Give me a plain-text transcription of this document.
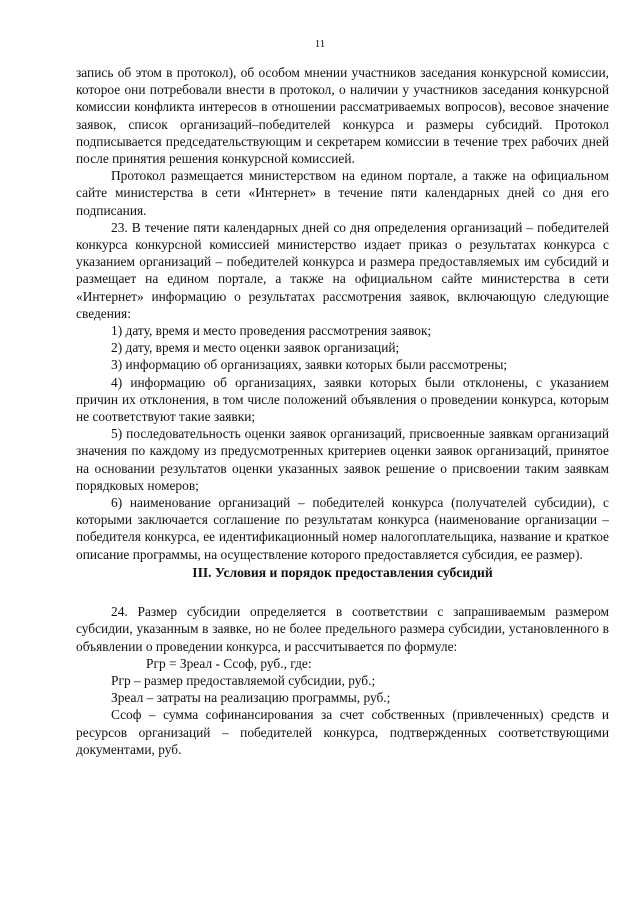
11

запись об этом в протокол), об особом мнении участников заседания конкурсной комиссии, которое они потребовали внести в протокол, о наличии у участников заседания конкурсной комиссии конфликта интересов в отношении рассматриваемых вопросов), весовое значение заявок, список организаций–победителей конкурса и размеры субсидий. Протокол подписывается председательствующим и секретарем комиссии в течение трех рабочих дней после принятия решения конкурсной комиссией.

Протокол размещается министерством на едином портале, а также на официальном сайте министерства в сети «Интернет» в течение пяти календарных дней со дня его подписания.

23. В течение пяти календарных дней со дня определения организаций – победителей конкурса конкурсной комиссией министерство издает приказ о результатах конкурса с указанием организаций – победителей конкурса и размера предоставляемых им субсидий и размещает на едином портале, а также на официальном сайте министерства в сети «Интернет» информацию о результатах рассмотрения заявок, включающую следующие сведения:

1) дату, время и место проведения рассмотрения заявок;

2) дату, время и место оценки заявок организаций;

3) информацию об организациях, заявки которых были рассмотрены;

4) информацию об организациях, заявки которых были отклонены, с указанием причин их отклонения, в том числе положений объявления о проведении конкурса, которым не соответствуют такие заявки;

5) последовательность оценки заявок организаций, присвоенные заявкам организаций значения по каждому из предусмотренных критериев оценки заявок организаций, принятое на основании результатов оценки указанных заявок решение о присвоении таким заявкам порядковых номеров;

6) наименование организаций – победителей конкурса (получателей субсидии), с которыми заключается соглашение по результатам конкурса (наименование организации – победителя конкурса, ее идентификационный номер налогоплательщика, название и краткое описание программы, на осуществление которого предоставляется субсидия, ее размер).

III. Условия и порядок предоставления субсидий

24. Размер субсидии определяется в соответствии с запрашиваемым размером субсидии, указанным в заявке, но не более предельного размера субсидии, установленного в объявлении о проведении конкурса, и рассчитывается по формуле:

Ргр = Зреал - Ссоф, руб., где:

Ргр – размер предоставляемой субсидии, руб.;

Зреал – затраты на реализацию программы, руб.;

Ссоф – сумма софинансирования за счет собственных (привлеченных) средств и ресурсов организаций – победителей конкурса, подтвержденных соответствующими документами, руб.
